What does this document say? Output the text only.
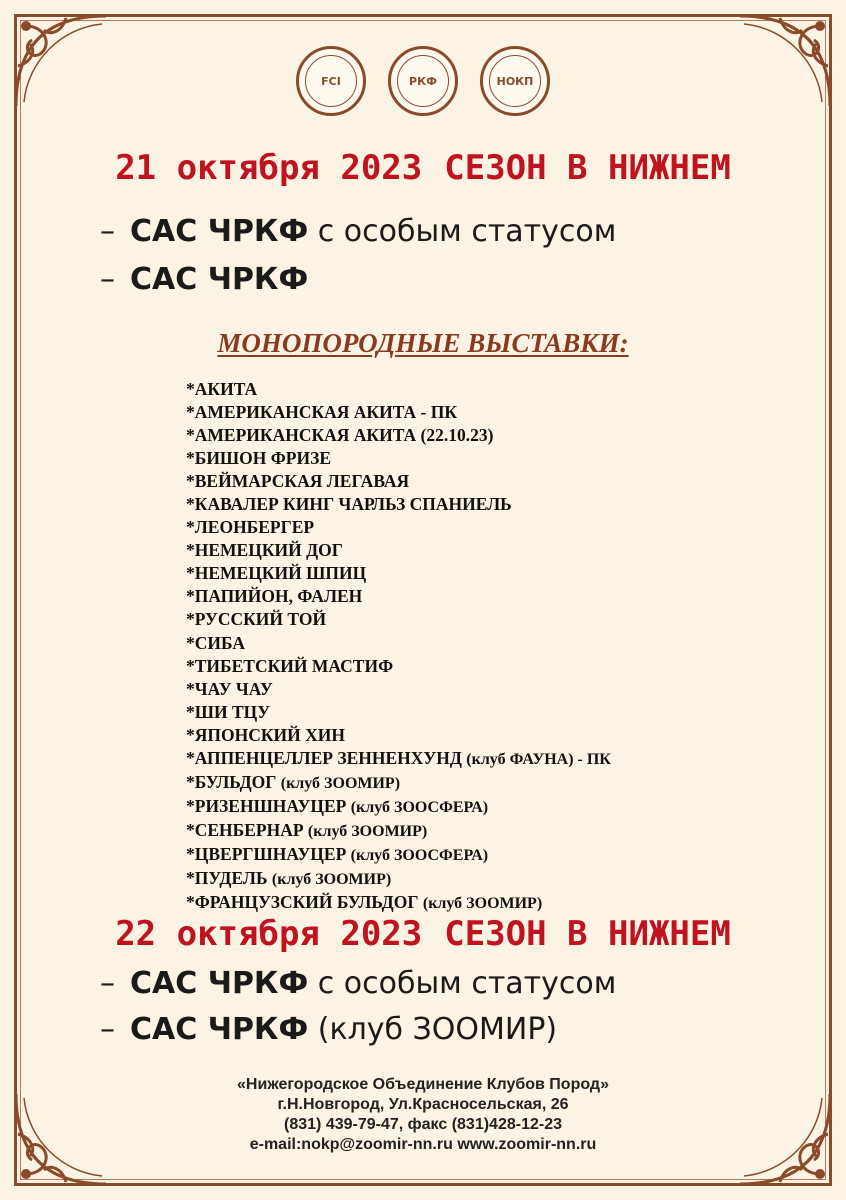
FCI	РКФ	НОКП
21 октября 2023 СЕЗОН В НИЖНЕМ
– САС ЧРКФ с особым статусом
– САС ЧРКФ
МОНОПОРОДНЫЕ ВЫСТАВКИ:
*АКИТА
*АМЕРИКАНСКАЯ АКИТА - ПК
*АМЕРИКАНСКАЯ АКИТА (22.10.23)
*БИШОН ФРИЗЕ
*ВЕЙМАРСКАЯ ЛЕГАВАЯ
*КАВАЛЕР КИНГ ЧАРЛЬЗ СПАНИЕЛЬ
*ЛЕОНБЕРГЕР
*НЕМЕЦКИЙ ДОГ
*НЕМЕЦКИЙ ШПИЦ
*ПАПИЙОН, ФАЛЕН
*РУССКИЙ ТОЙ
*СИБА
*ТИБЕТСКИЙ МАСТИФ
*ЧАУ ЧАУ
*ШИ ТЦУ
*ЯПОНСКИЙ ХИН
*АППЕНЦЕЛЛЕР ЗЕННЕНХУНД (клуб ФАУНА) - ПК
*БУЛЬДОГ (клуб ЗООМИР)
*РИЗЕНШНАУЦЕР (клуб ЗООСФЕРА)
*СЕНБЕРНАР (клуб ЗООМИР)
*ЦВЕРГШНАУЦЕР (клуб ЗООСФЕРА)
*ПУДЕЛЬ (клуб ЗООМИР)
*ФРАНЦУЗСКИЙ БУЛЬДОГ (клуб ЗООМИР)
22 октября 2023 СЕЗОН В НИЖНЕМ
– САС ЧРКФ с особым статусом
– САС ЧРКФ (клуб ЗООМИР)
«Нижегородское Объединение Клубов Пород»
г.Н.Новгород, Ул.Красносельская, 26
(831) 439-79-47, факс (831)428-12-23
e-mail:nokp@zoomir-nn.ru www.zoomir-nn.ru
